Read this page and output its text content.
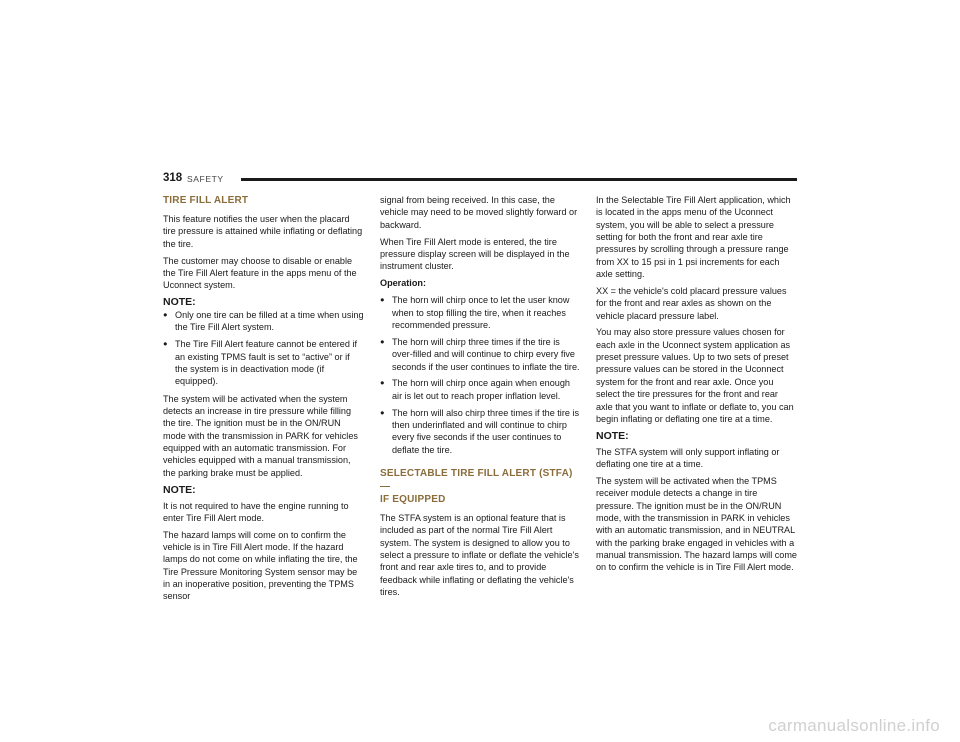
318 SAFETY
TIRE FILL ALERT

This feature notifies the user when the placard tire pressure is attained while inflating or deflating the tire.

The customer may choose to disable or enable the Tire Fill Alert feature in the apps menu of the Uconnect system.

NOTE:
● Only one tire can be filled at a time when using the Tire Fill Alert system.
● The Tire Fill Alert feature cannot be entered if an existing TPMS fault is set to “active” or if the system is in deactivation mode (if equipped).

The system will be activated when the system detects an increase in tire pressure while filling the tire. The ignition must be in the ON/RUN mode with the transmission in PARK for vehicles equipped with an automatic transmission. For vehicles equipped with a manual transmission, the parking brake must be applied.

NOTE:

It is not required to have the engine running to enter Tire Fill Alert mode.

The hazard lamps will come on to confirm the vehicle is in Tire Fill Alert mode. If the hazard lamps do not come on while inflating the tire, the Tire Pressure Monitoring System sensor may be in an inoperative position, preventing the TPMS sensor

signal from being received. In this case, the vehicle may need to be moved slightly forward or backward.

When Tire Fill Alert mode is entered, the tire pressure display screen will be displayed in the instrument cluster.

Operation:

● The horn will chirp once to let the user know when to stop filling the tire, when it reaches recommended pressure.
● The horn will chirp three times if the tire is over-filled and will continue to chirp every five seconds if the user continues to inflate the tire.
● The horn will chirp once again when enough air is let out to reach proper inflation level.
● The horn will also chirp three times if the tire is then underinflated and will continue to chirp every five seconds if the user continues to deflate the tire.
SELECTABLE TIRE FILL ALERT (STFA) —
IF EQUIPPED

The STFA system is an optional feature that is included as part of the normal Tire Fill Alert system. The system is designed to allow you to select a pressure to inflate or deflate the vehicle's front and rear axle tires to, and to provide feedback while inflating or deflating the vehicle's tires.

In the Selectable Tire Fill Alert application, which is located in the apps menu of the Uconnect system, you will be able to select a pressure setting for both the front and rear axle tire pressures by scrolling through a pressure range from XX to 15 psi in 1 psi increments for each axle setting.

XX = the vehicle's cold placard pressure values for the front and rear axles as shown on the vehicle placard pressure label.

You may also store pressure values chosen for each axle in the Uconnect system application as preset pressure values. Up to two sets of preset pressure values can be stored in the Uconnect system for the front and rear axle. Once you select the tire pressures for the front and rear axle that you want to inflate or deflate to, you can begin inflating or deflating one tire at a time.

NOTE:

The STFA system will only support inflating or deflating one tire at a time.

The system will be activated when the TPMS receiver module detects a change in tire pressure. The ignition must be in the ON/RUN mode, with the transmission in PARK in vehicles with an automatic transmission, and in NEUTRAL with the parking brake engaged in vehicles with a manual transmission. The hazard lamps will come on to confirm the vehicle is in Tire Fill Alert mode.

carmanualsonline.info
